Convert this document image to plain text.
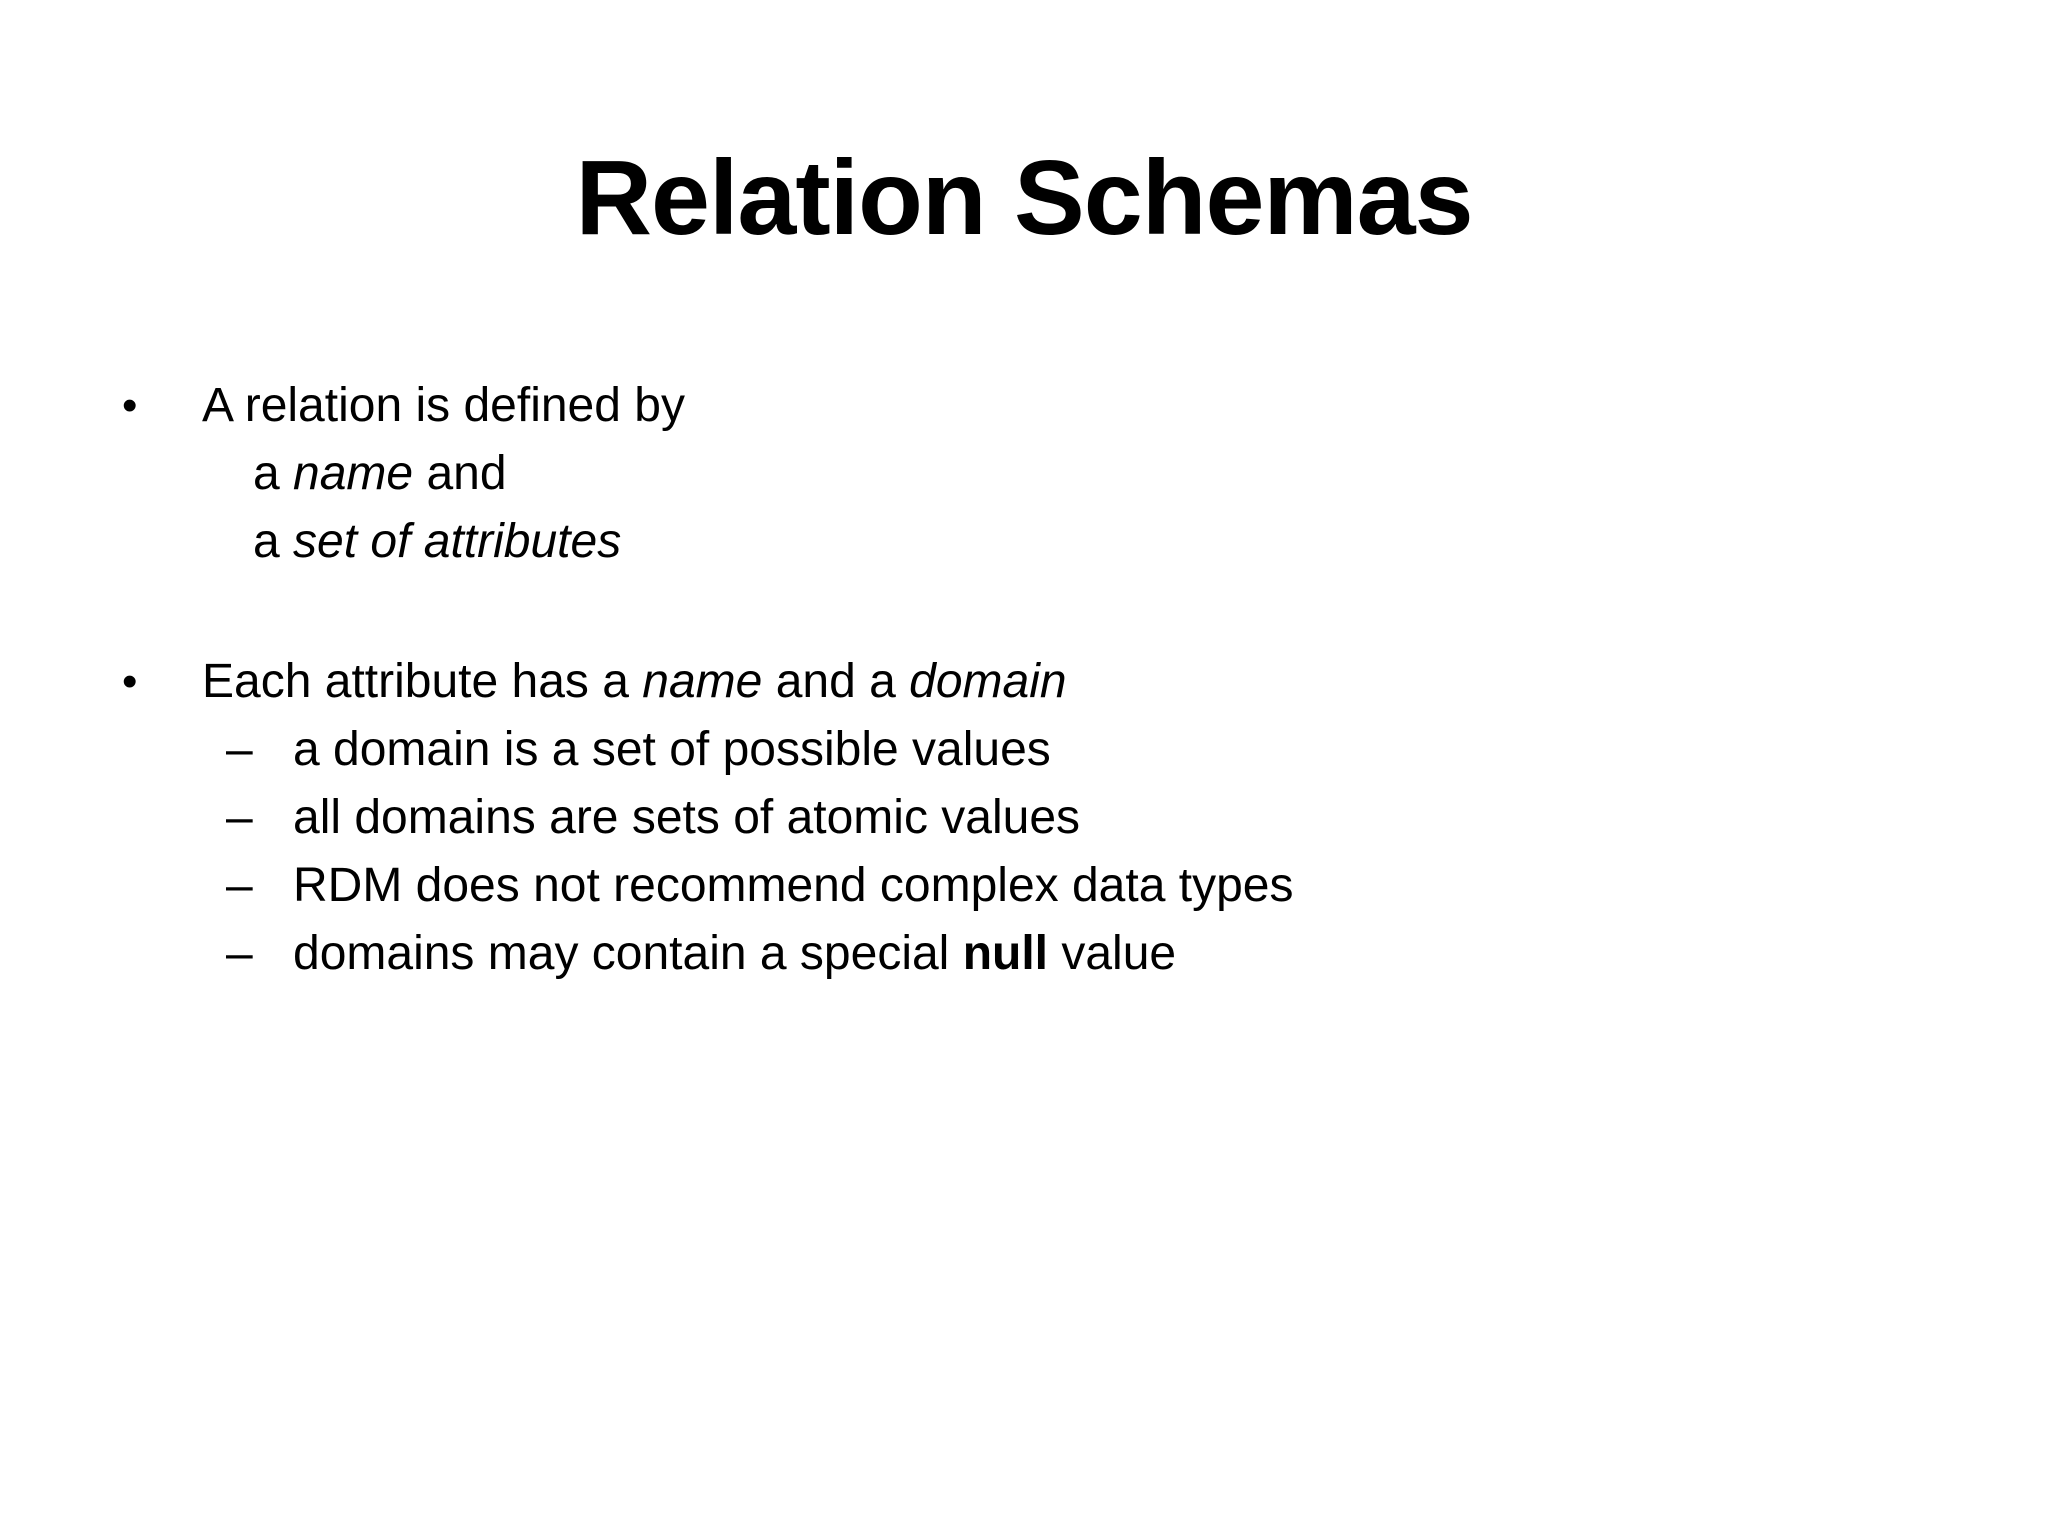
Relation Schemas
• A relation is defined by
a name and
a set of attributes
• Each attribute has a name and a domain
– a domain is a set of possible values
– all domains are sets of atomic values
– RDM does not recommend complex data types
– domains may contain a special null value
